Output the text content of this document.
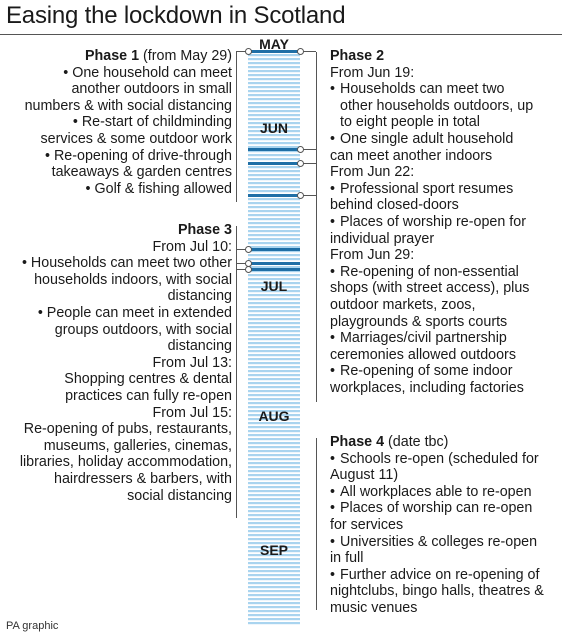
Easing the lockdown in Scotland
MAY
JUN
JUL
AUG
SEP
Phase 1 (from May 29)
• One household can meet
another outdoors in small
numbers & with social distancing
• Re-start of childminding
services & some outdoor work
• Re-opening of drive-through
takeaways & garden centres
• Golf & fishing allowed
Phase 3
From Jul 10:
• Households can meet two other
households indoors, with social
distancing
• People can meet in extended
groups outdoors, with social
distancing
From Jul 13:
Shopping centres & dental
practices can fully re-open
From Jul 15:
Re-opening of pubs, restaurants,
museums, galleries, cinemas,
libraries, holiday accommodation,
hairdressers & barbers, with
social distancing
Phase 2
From Jun 19:
• Households can meet two
other households outdoors, up
to eight people in total
• One single adult household
can meet another indoors
From Jun 22:
• Professional sport resumes
behind closed-doors
• Places of worship re-open for
individual prayer
From Jun 29:
• Re-opening of non-essential
shops (with street access), plus
outdoor markets, zoos,
playgrounds & sports courts
• Marriages/civil partnership
ceremonies allowed outdoors
• Re-opening of some indoor
workplaces, including factories
Phase 4 (date tbc)
• Schools re-open (scheduled for
August 11)
• All workplaces able to re-open
• Places of worship can re-open
for services
• Universities & colleges re-open
in full
• Further advice on re-opening of
nightclubs, bingo halls, theatres &
music venues
PA graphic
